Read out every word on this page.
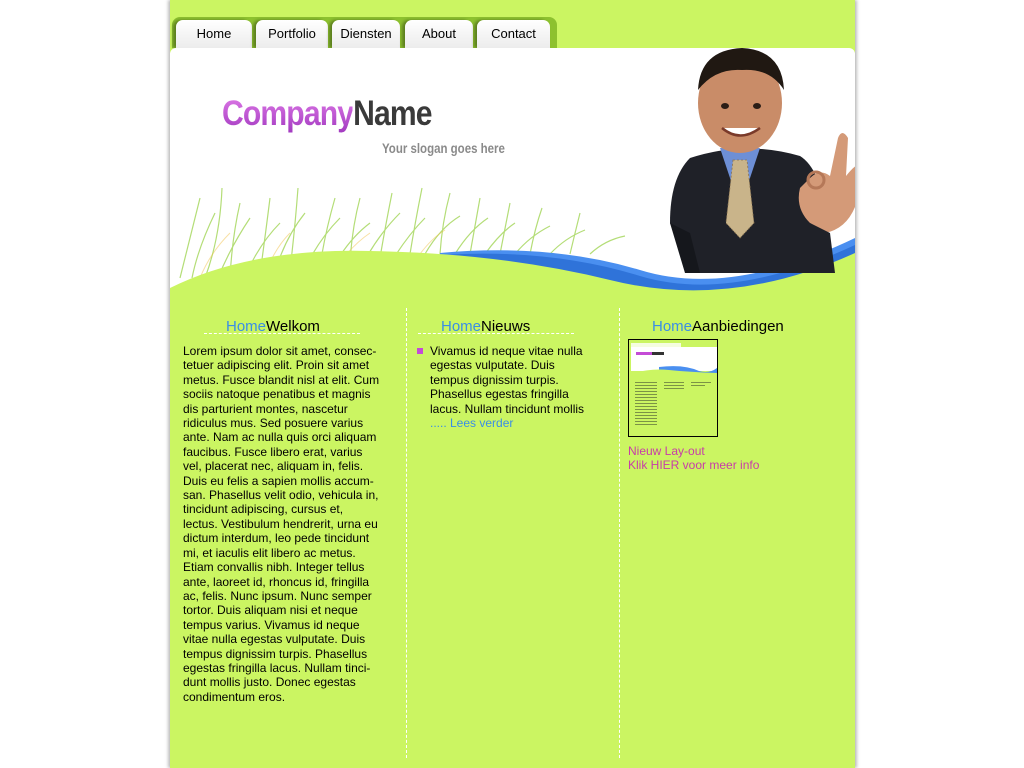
Home	Portfolio	Diensten	About	Contact
CompanyName
Your slogan goes here
HomeWelkom
Lorem ipsum dolor sit amet, consec-
tetuer adipiscing elit. Proin sit amet
metus. Fusce blandit nisl at elit. Cum
sociis natoque penatibus et magnis
dis parturient montes, nascetur
ridiculus mus. Sed posuere varius
ante. Nam ac nulla quis orci aliquam
faucibus. Fusce libero erat, varius
vel, placerat nec, aliquam in, felis.
Duis eu felis a sapien mollis accum-
san. Phasellus velit odio, vehicula in,
tincidunt adipiscing, cursus et,
lectus. Vestibulum hendrerit, urna eu
dictum interdum, leo pede tincidunt
mi, et iaculis elit libero ac metus.
Etiam convallis nibh. Integer tellus
ante, laoreet id, rhoncus id, fringilla
ac, felis. Nunc ipsum. Nunc semper
tortor. Duis aliquam nisi et neque
tempus varius. Vivamus id neque
vitae nulla egestas vulputate. Duis
tempus dignissim turpis. Phasellus
egestas fringilla lacus. Nullam tinci-
dunt mollis justo. Donec egestas
condimentum eros.
HomeNieuws
Vivamus id neque vitae nulla
egestas vulputate. Duis
tempus dignissim turpis.
Phasellus egestas fringilla
lacus. Nullam tincidunt mollis
..... Lees verder
HomeAanbiedingen
Nieuw Lay-out
Klik HIER voor meer info
